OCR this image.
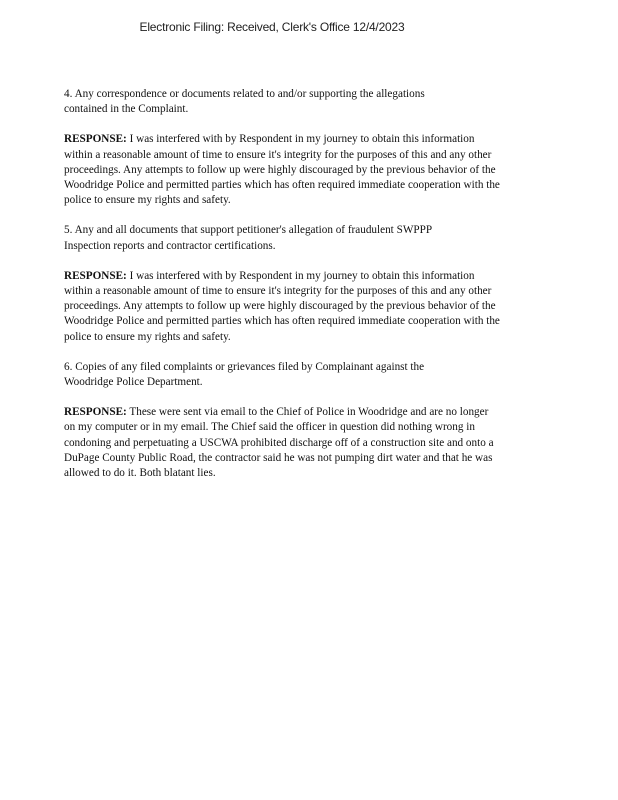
Electronic Filing: Received, Clerk's Office 12/4/2023
4. Any correspondence or documents related to and/or supporting the allegations
contained in the Complaint.
RESPONSE: I was interfered with by Respondent in my journey to obtain this information
within a reasonable amount of time to ensure it's integrity for the purposes of this and any other
proceedings. Any attempts to follow up were highly discouraged by the previous behavior of the
Woodridge Police and permitted parties which has often required immediate cooperation with the
police to ensure my rights and safety.
5. Any and all documents that support petitioner's allegation of fraudulent SWPPP
Inspection reports and contractor certifications.
RESPONSE: I was interfered with by Respondent in my journey to obtain this information
within a reasonable amount of time to ensure it's integrity for the purposes of this and any other
proceedings. Any attempts to follow up were highly discouraged by the previous behavior of the
Woodridge Police and permitted parties which has often required immediate cooperation with the
police to ensure my rights and safety.
6. Copies of any filed complaints or grievances filed by Complainant against the
Woodridge Police Department.
RESPONSE: These were sent via email to the Chief of Police in Woodridge and are no longer
on my computer or in my email. The Chief said the officer in question did nothing wrong in
condoning and perpetuating a USCWA prohibited discharge off of a construction site and onto a
DuPage County Public Road, the contractor said he was not pumping dirt water and that he was
allowed to do it. Both blatant lies.
